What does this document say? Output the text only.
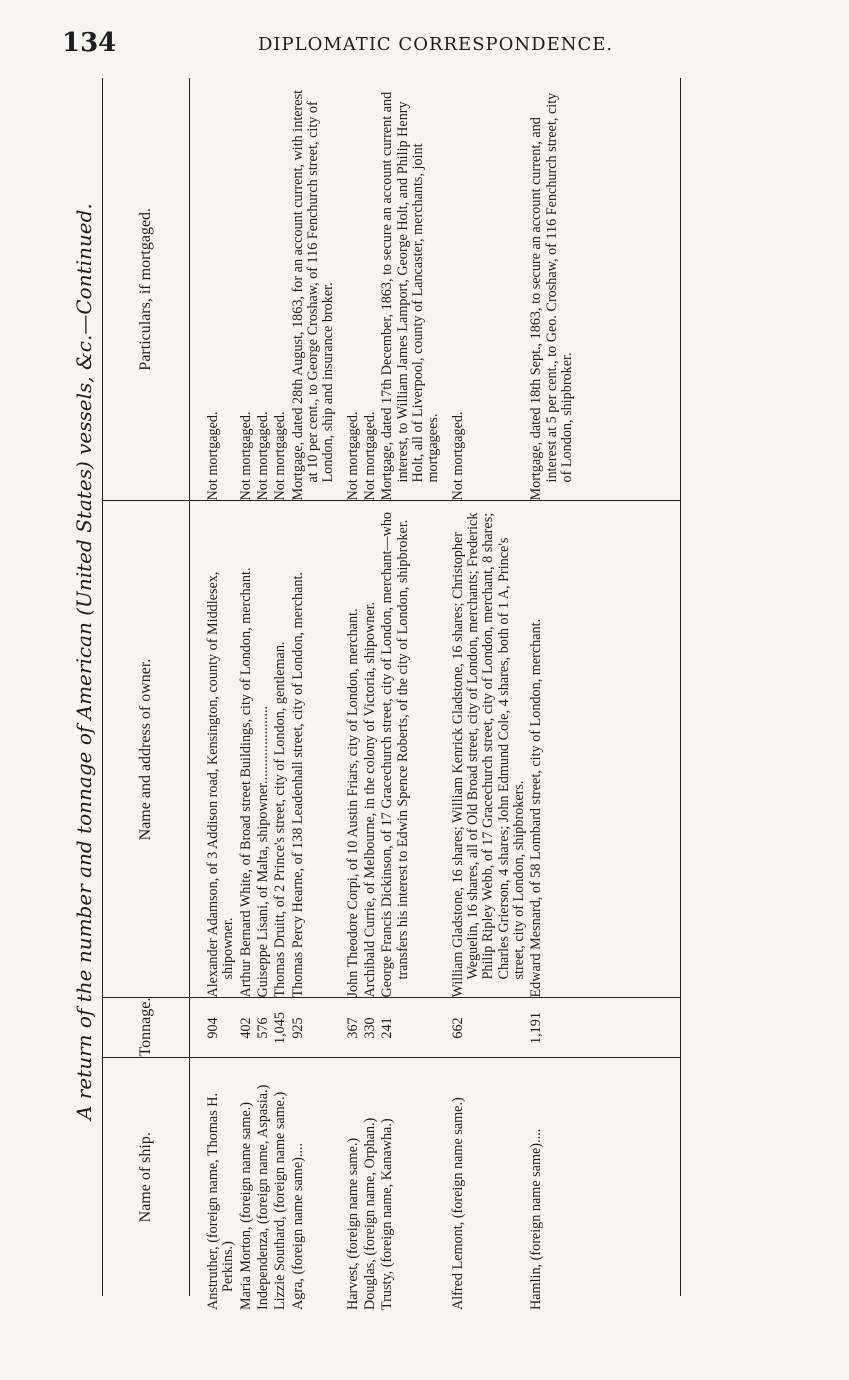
134	DIPLOMATIC CORRESPONDENCE.
A return of the number and tonnage of American (United States) vessels, &c.—Continued.
Name of ship.	Tonnage.	Name and address of owner.	Particulars, if mortgaged.
Anstruther, (foreign name, Thomas H. Perkins.)	904	Alexander Adamson, of 3 Addison road, Kensington, county of Middlesex, shipowner.	Not mortgaged.
Maria Morton, (foreign name same.)	402	Arthur Bernard White, of Broad street Buildings, city of London, merchant.	Not mortgaged.
Independenza, (foreign name, Aspasia.)	576	Guiseppe Lisani, of Malta, shipowner......................	Not mortgaged.
Lizzie Southard, (foreign name same.)	1,045	Thomas Druitt, of 2 Prince's street, city of London, gentleman.	Not mortgaged.
Agra, (foreign name same)....	925	Thomas Percy Hearne, of 138 Leadenhall street, city of London, merchant.	Mortgage, dated 28th August, 1863, for an account current, with interest at 10 per cent., to George Croshaw, of 116 Fenchurch street, city of London, ship and insurance broker.
Harvest, (foreign name same.)	367	John Theodore Corpi, of 10 Austin Friars, city of London, merchant.	Not mortgaged.
Douglas, (foreign name, Orphan.)	330	Archibald Currie, of Melbourne, in the colony of Victoria, shipowner.	Not mortgaged.
Trusty, (foreign name, Kanawha.)	241	George Francis Dickinson, of 17 Gracechurch street, city of London, merchant—who transfers his interest to Edwin Spence Roberts, of the city of London, shipbroker.	Mortgage, dated 17th December, 1863, to secure an account current and interest, to William James Lamport, George Holt, and Philip Henry Holt, all of Liverpool, county of Lancaster, merchants, joint mortgagees.
Alfred Lemont, (foreign name same.)	662	William Gladstone, 16 shares; William Kenrick Gladstone, 16 shares; Christopher Weguelin, 16 shares, all of Old Broad street, city of London, merchants; Frederick Philip Ripley Webb, of 17 Gracechurch street, city of London, merchant, 8 shares; Charles Grierson, 4 shares; John Edmund Cole, 4 shares, both of 1 A, Prince's street, city of London, shipbrokers.	Not mortgaged.
Hamlin, (foreign name same)....	1,191	Edward Mesnard, of 58 Lombard street, city of London, merchant.	Mortgage, dated 18th Sept., 1863, to secure an account current, and interest at 5 per cent., to Geo. Croshaw, of 116 Fenchurch street, city of London, shipbroker.
